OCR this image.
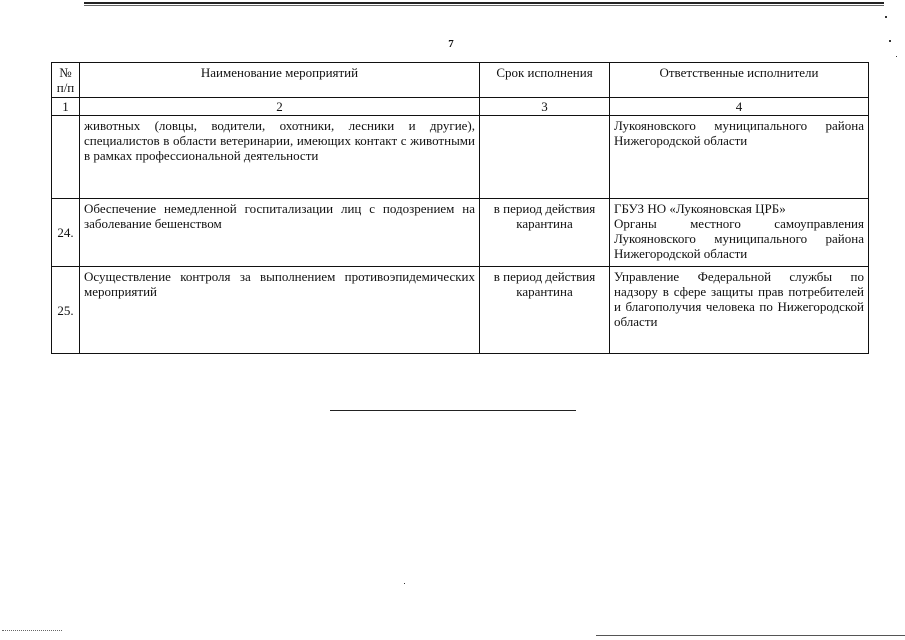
7
№ п/п	Наименование мероприятий	Срок исполнения	Ответственные исполнители
1	2	3	4
	животных (ловцы, водители, охотники, лесники и другие), специалистов в области ветеринарии, имеющих контакт с животными в рамках профессиональной деятельности		Лукояновского муниципального района Нижегородской области
24.	Обеспечение немедленной госпитализации лиц с подозрением на заболевание бешенством	в период действия карантина	ГБУЗ НО «Лукояновская ЦРБ»
Органы местного самоуправления Лукояновского муниципального района Нижегородской области

25.	Осуществление контроля за выполнением противоэпидемических мероприятий	в период действия карантина	Управление Федеральной службы по надзору в сфере защиты прав потребителей и благополучия человека по Нижегородской области
